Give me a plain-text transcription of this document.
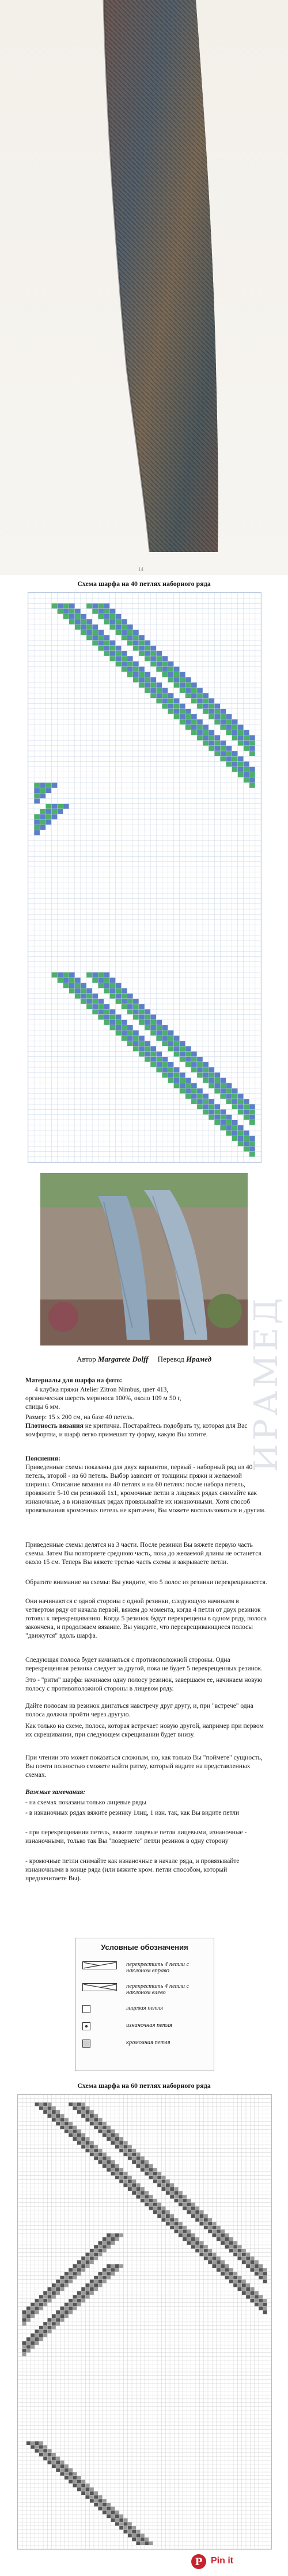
14
Схема шарфа на 40 петлях наборного ряда
ИРАМЕД
Автор Margarete Dolff Перевод Ирамед
Материалы для шарфа на фото:
4 клубка пряжи Atelier Zitron Nimbus, цвет 413,
органическая шерсть мериноса 100%, около 109 м 50 г,
спицы 6 мм.
Размер: 15 х 200 см, на базе 40 петель.
Плотность вязания не критична. Постарайтесь подобрать ту, которая для Вас комфортна, и шарф легко примешит ту форму, какую Вы хотите.
Пояснения:
Приведенные схемы показаны для двух вариантов, первый - наборный ряд из 40 петель, второй - из 60 петель. Выбор зависит от толщины пряжи и желаемой ширины. Описание вязания на 40 петлях и на 60 петлях: после набора петель, провяжите 5-10 см резинкой 1х1, кромочные петли в лицевых рядах снимайте как изнаночные, а в изнаночных рядах провязывайте их изнаночными. Хотя способ провязывания кромочных петель не критичен, Вы можете воспользоваться и другим.
Приведенные схемы делятся на 3 части. После резинки Вы вяжете первую часть схемы. Затем Вы повторяете среднюю часть, пока до желаемой длины не останется около 15 см. Теперь Вы вяжете третью часть схемы и закрываете петли.
Обратите внимание на схемы: Вы увидите, что 5 полос из резинки перекрещиваются.
Они начинаются с одной стороны с одной резинки, следующую начинаем в четвертом ряду от начала первой, вяжем до момента, когда 4 петли от двух резинок готовы к перекрещиванию. Когда 5 резинок будут перекрещены в одном ряду, полоса закончена, и продолжаем вязание. Вы увидите, что перекрещивающиеся полосы "движутся" вдоль шарфа.
Следующая полоса будет начинаться с противоположной стороны. Одна перекрещенная резинка следует за другой, пока не будет 5 перекрещенных резинок.
Это - "ритм" шарфа: начинаем одну полосу резинок, завершаем ее, начинаем новую полосу с противоположной стороны в лицевом ряду.
Дайте полосам из резинок двигаться навстречу друг другу, и, при "встрече" одна полоса должна пройти через другую.
Как только на схеме, полоса, которая встречает новую другой, например при первом их скрещивании, при следующем скрещивании будет внизу.
При чтении это может показаться сложным, но, как только Вы "поймете" сущность, Вы почти полностью сможете найти ритму, который видите на представленных схемах.
Важные замечания:
- на схемах показаны только лицевые ряды
- в изнаночных рядах вяжите резинку 1лиц, 1 изн. так, как Вы видите петли
- при перекрещивании петель, вяжите лицевые петли лицевыми, изнаночные - изнаночными, только так Вы "повернете" петли резинок в одну сторону
- кромочные петли снимайте как изнаночные в начале ряда, и провязывайте изнаночными в конце ряда (или вяжите кром. петли способом, который предпочитаете Вы).
Условные обозначения
перекрестить 4 петли с наклоном вправо
перекрестить 4 петли с наклоном влево
лицевая петля
изнаночная петля
кромочная петля
Схема шарфа на 60 петлях наборного ряда
P Pin it
